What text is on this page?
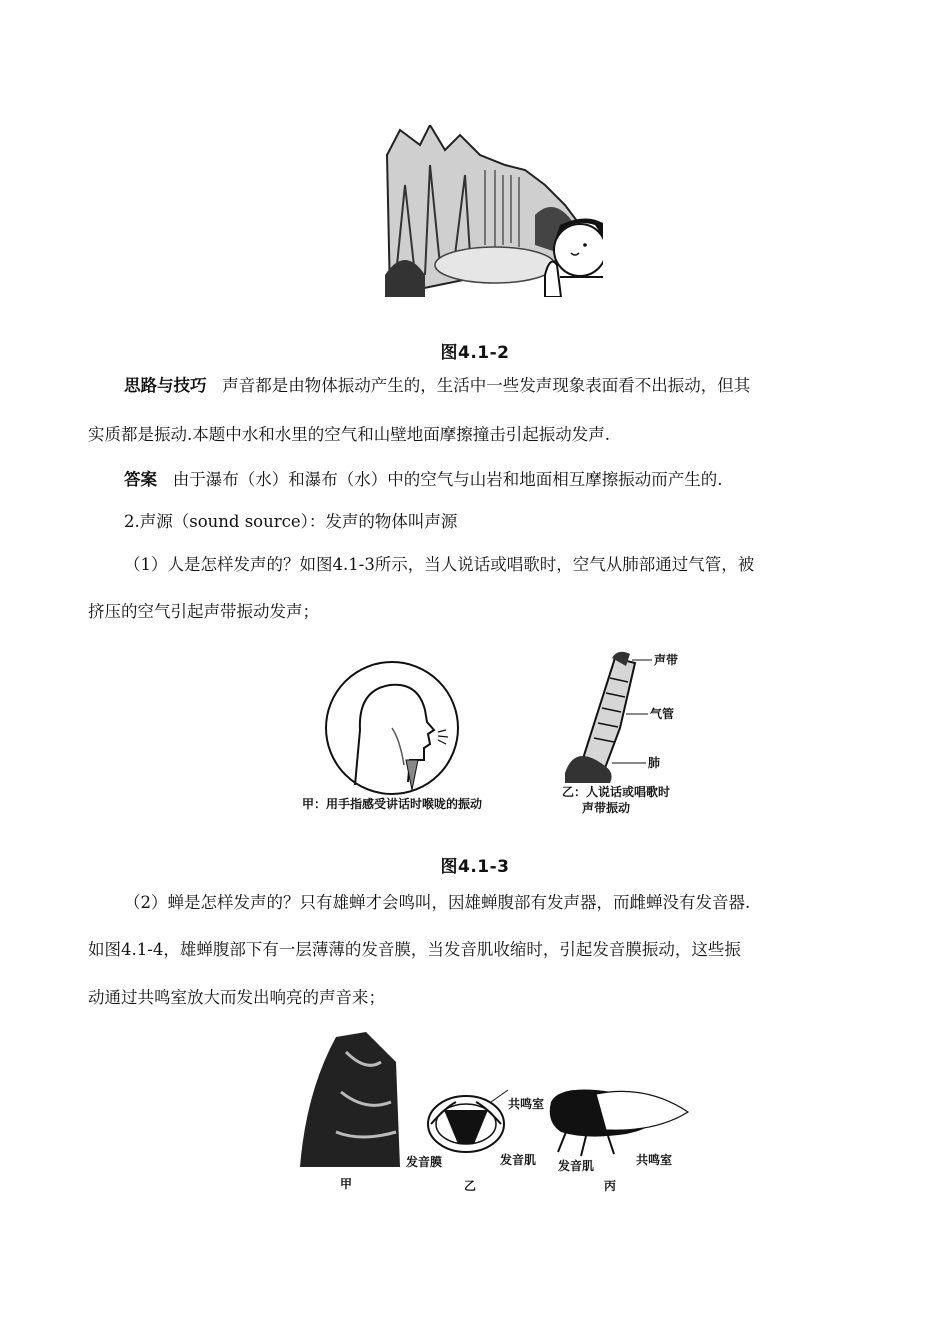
图4.1-2
思路与技巧 声音都是由物体振动产生的，生活中一些发声现象表面看不出振动，但其
实质都是振动.本题中水和水里的空气和山壁地面摩擦撞击引起振动发声.
答案 由于瀑布（水）和瀑布（水）中的空气与山岩和地面相互摩擦振动而产生的.
2.声源（sound source）：发声的物体叫声源
（1）人是怎样发声的？如图4.1-3所示，当人说话或唱歌时，空气从肺部通过气管，被
挤压的空气引起声带振动发声；
甲：用手指感受讲话时喉咙的振动
声带
气管
肺
乙：人说话或唱歌时
声带振动
图4.1-3
（2）蝉是怎样发声的？只有雄蝉才会鸣叫，因雄蝉腹部有发声器，而雌蝉没有发音器.
如图4.1-4，雄蝉腹部下有一层薄薄的发音膜，当发音肌收缩时，引起发音膜振动，这些振
动通过共鸣室放大而发出响亮的声音来；
共鸣室
发音膜	发音肌 发音肌	共鸣室
甲	乙	丙
